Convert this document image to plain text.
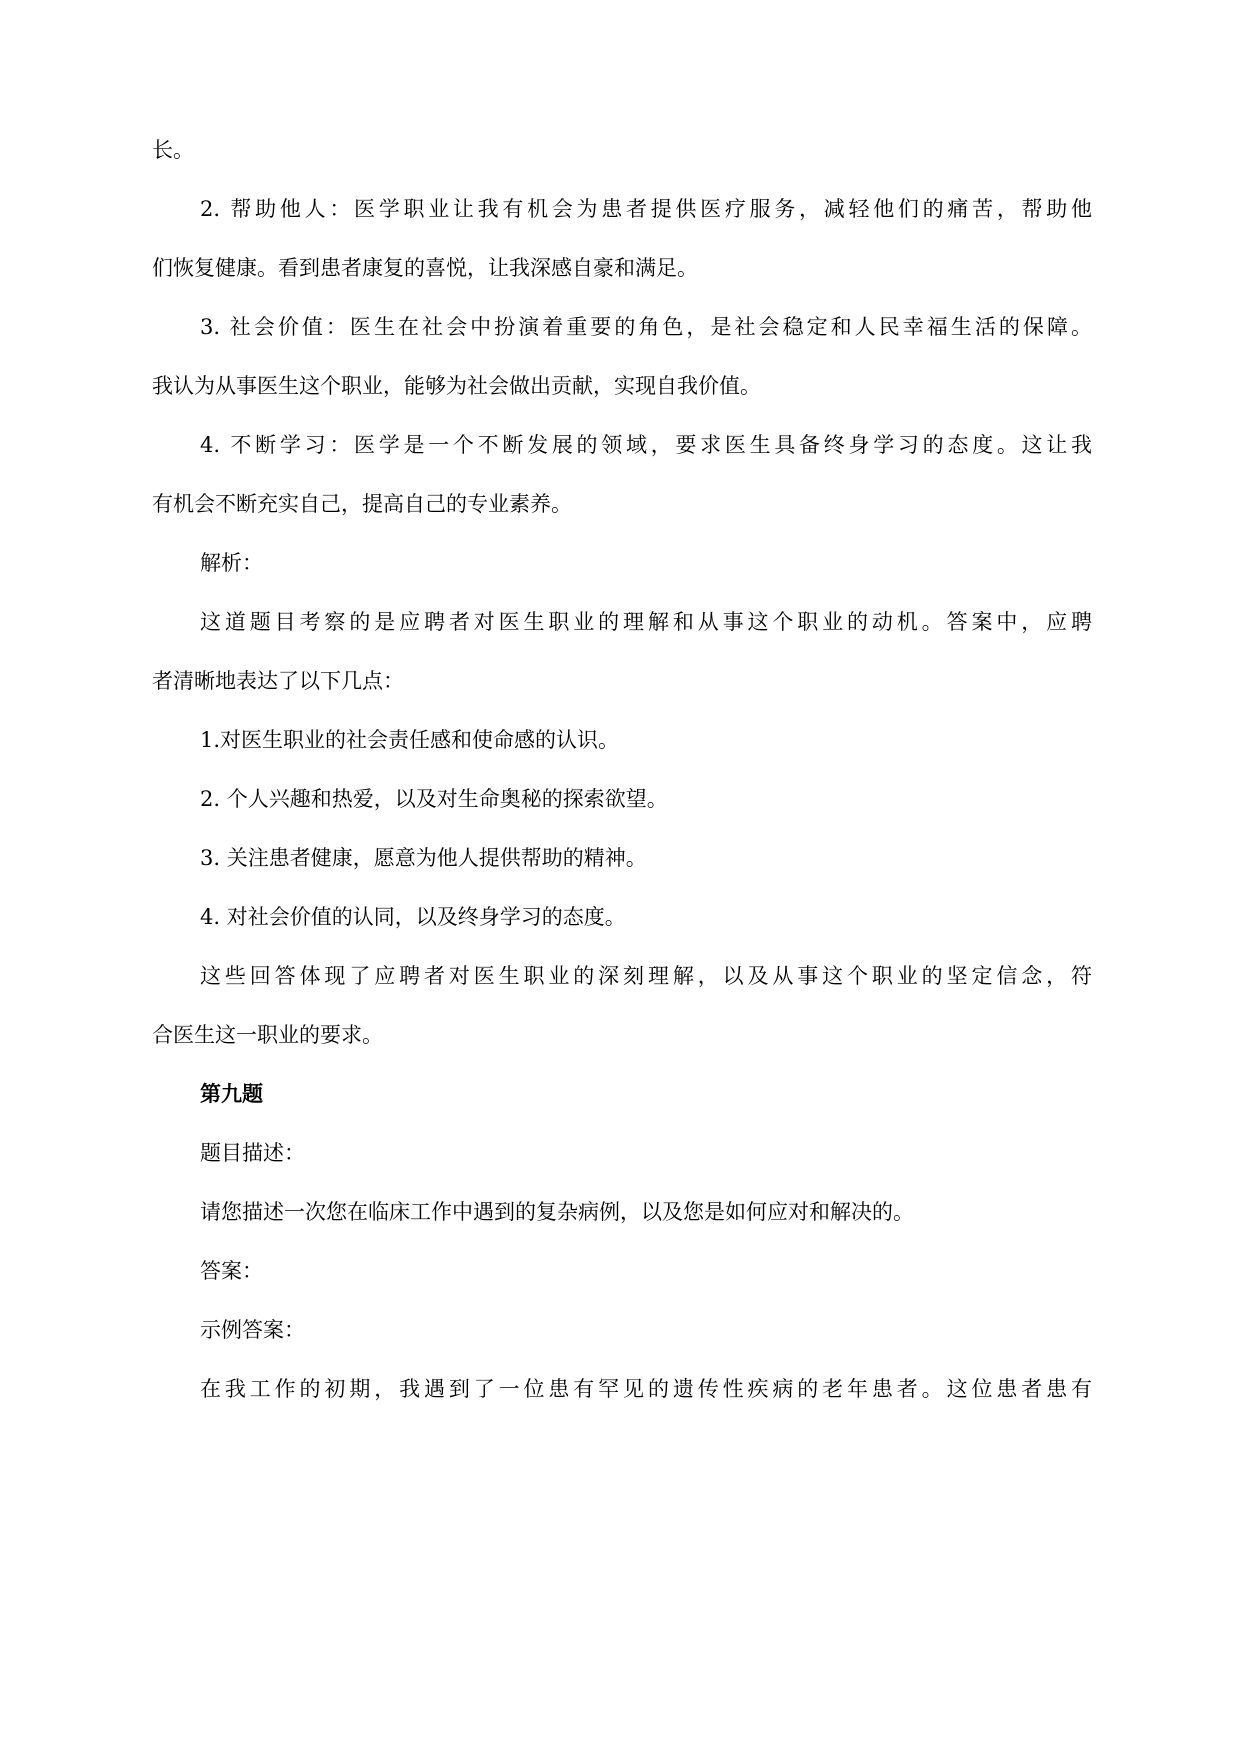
长。

2. 帮助他人：医学职业让我有机会为患者提供医疗服务，减轻他们的痛苦，帮助他

们恢复健康。看到患者康复的喜悦，让我深感自豪和满足。

3. 社会价值：医生在社会中扮演着重要的角色，是社会稳定和人民幸福生活的保障。

我认为从事医生这个职业，能够为社会做出贡献，实现自我价值。

4. 不断学习：医学是一个不断发展的领域，要求医生具备终身学习的态度。这让我

有机会不断充实自己，提高自己的专业素养。

解析：

这道题目考察的是应聘者对医生职业的理解和从事这个职业的动机。答案中，应聘

者清晰地表达了以下几点：

1.对医生职业的社会责任感和使命感的认识。

2. 个人兴趣和热爱，以及对生命奥秘的探索欲望。

3. 关注患者健康，愿意为他人提供帮助的精神。

4. 对社会价值的认同，以及终身学习的态度。

这些回答体现了应聘者对医生职业的深刻理解，以及从事这个职业的坚定信念，符

合医生这一职业的要求。

第九题

题目描述：

请您描述一次您在临床工作中遇到的复杂病例，以及您是如何应对和解决的。

答案：

示例答案：

在我工作的初期，我遇到了一位患有罕见的遗传性疾病的老年患者。这位患者患有
